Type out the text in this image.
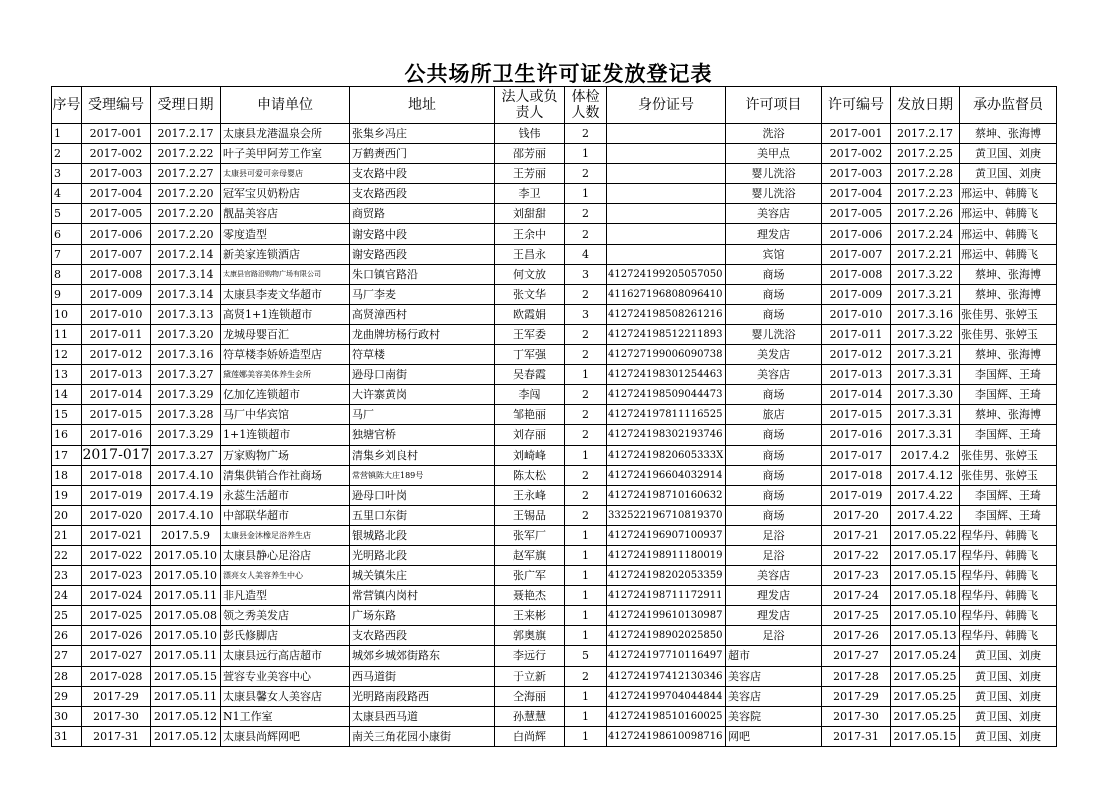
公共场所卫生许可证发放登记表
序号	受理编号	受理日期	申请单位	地址	法人或负责人	体检人数	身份证号	许可项目	许可编号	发放日期	承办监督员
1	2017-001	2017.2.17	太康县龙港温泉会所	张集乡冯庄	钱伟	2		洗浴	2017-001	2017.2.17	蔡坤、张海博
2	2017-002	2017.2.22	叶子美甲阿芳工作室	万鹤赉西门	邵芳丽	1		美甲点	2017-002	2017.2.25	黄卫国、刘庚
3	2017-003	2017.2.27	太康县可爱可亲母婴店	支农路中段	王芳丽	2		婴儿洗浴	2017-003	2017.2.28	黄卫国、刘庚
4	2017-004	2017.2.20	冠军宝贝奶粉店	支农路西段	李卫	1		婴儿洗浴	2017-004	2017.2.23	邢运中、韩腾飞
5	2017-005	2017.2.20	靓晶美容店	商贸路	刘甜甜	2		美容店	2017-005	2017.2.26	邢运中、韩腾飞
6	2017-006	2017.2.20	零度造型	谢安路中段	王余中	2		理发店	2017-006	2017.2.24	邢运中、韩腾飞
7	2017-007	2017.2.14	新美家连锁酒店	谢安路西段	王昌永	4		宾馆	2017-007	2017.2.21	邢运中、韩腾飞
8	2017-008	2017.3.14	太康县官路沿购物广场有限公司	朱口镇官路沿	何文放	3	412724199205057050	商场	2017-008	2017.3.22	蔡坤、张海博
9	2017-009	2017.3.14	太康县李麦文华超市	马厂李麦	张文华	2	411627196808096410	商场	2017-009	2017.3.21	蔡坤、张海博
10	2017-010	2017.3.13	高贤1+1连锁超市	高贤漳西村	欧霞娟	3	412724198508261216	商场	2017-010	2017.3.16	张佳男、张婷玉
11	2017-011	2017.3.20	龙城母婴百汇	龙曲牌坊杨行政村	王军委	2	412724198512211893	婴儿洗浴	2017-011	2017.3.22	张佳男、张婷玉
12	2017-012	2017.3.16	符草楼李娇娇造型店	符草楼	丁军强	2	412727199006090738	美发店	2017-012	2017.3.21	蔡坤、张海博
13	2017-013	2017.3.27	黛莲娜美容美体养生会所	逊母口南街	吴春霞	1	412724198301254463	美容店	2017-013	2017.3.31	李国辉、王琦
14	2017-014	2017.3.29	亿加亿连锁超市	大许寨黄岗	李闯	2	412724198509044473	商场	2017-014	2017.3.30	李国辉、王琦
15	2017-015	2017.3.28	马厂中华宾馆	马厂	邹艳丽	2	412724197811116525	旅店	2017-015	2017.3.31	蔡坤、张海博
16	2017-016	2017.3.29	1+1连锁超市	独塘官桥	刘存丽	2	412724198302193746	商场	2017-016	2017.3.31	李国辉、王琦
17	2017-017	2017.3.27	万家购物广场	清集乡刘良村	刘崎峰	1	41272419820605333X	商场	2017-017	2017.4.2	张佳男、张婷玉
18	2017-018	2017.4.10	清集供销合作社商场	常营镇陈大庄189号	陈太松	2	412724196604032914	商场	2017-018	2017.4.12	张佳男、张婷玉
19	2017-019	2017.4.19	永蕊生活超市	逊母口叶岗	王永峰	2	412724198710160632	商场	2017-019	2017.4.22	李国辉、王琦
20	2017-020	2017.4.10	中部联华超市	五里口东街	王锡品	2	332522196710819370	商场	2017-20	2017.4.22	李国辉、王琦
21	2017-021	2017.5.9	太康县金沐橡足浴养生店	银城路北段	张军厂	1	412724196907100937	足浴	2017-21	2017.05.22	程华丹、韩腾飞
22	2017-022	2017.05.10	太康县静心足浴店	光明路北段	赵军旗	1	412724198911180019	足浴	2017-22	2017.05.17	程华丹、韩腾飞
23	2017-023	2017.05.10	漂亮女人美容养生中心	城关镇朱庄	张广军	1	412724198202053359	美容店	2017-23	2017.05.15	程华丹、韩腾飞
24	2017-024	2017.05.11	非凡造型	常营镇内岗村	聂艳杰	1	412724198711172911	理发店	2017-24	2017.05.18	程华丹、韩腾飞
25	2017-025	2017.05.08	领之秀美发店	广场东路	王来彬	1	412724199610130987	理发店	2017-25	2017.05.10	程华丹、韩腾飞
26	2017-026	2017.05.10	彭氏修脚店	支农路西段	郭奥旗	1	412724198902025850	足浴	2017-26	2017.05.13	程华丹、韩腾飞
27	2017-027	2017.05.11	太康县远行高店超市	城郊乡城郊街路东	李远行	5	412724197710116497	超市	2017-27	2017.05.24	黄卫国、刘庚
28	2017-028	2017.05.15	萱容专业美容中心	西马道街	于立新	2	412724197412130346	美容店	2017-28	2017.05.25	黄卫国、刘庚
29	2017-29	2017.05.11	太康县馨女人美容店	光明路南段路西	仝海丽	1	412724199704044844	美容店	2017-29	2017.05.25	黄卫国、刘庚
30	2017-30	2017.05.12	N1工作室	太康县西马道	孙慧慧	1	412724198510160025	美容院	2017-30	2017.05.25	黄卫国、刘庚
31	2017-31	2017.05.12	太康县尚辉网吧	南关三角花园小康街	白尚辉	1	412724198610098716	网吧	2017-31	2017.05.15	黄卫国、刘庚
